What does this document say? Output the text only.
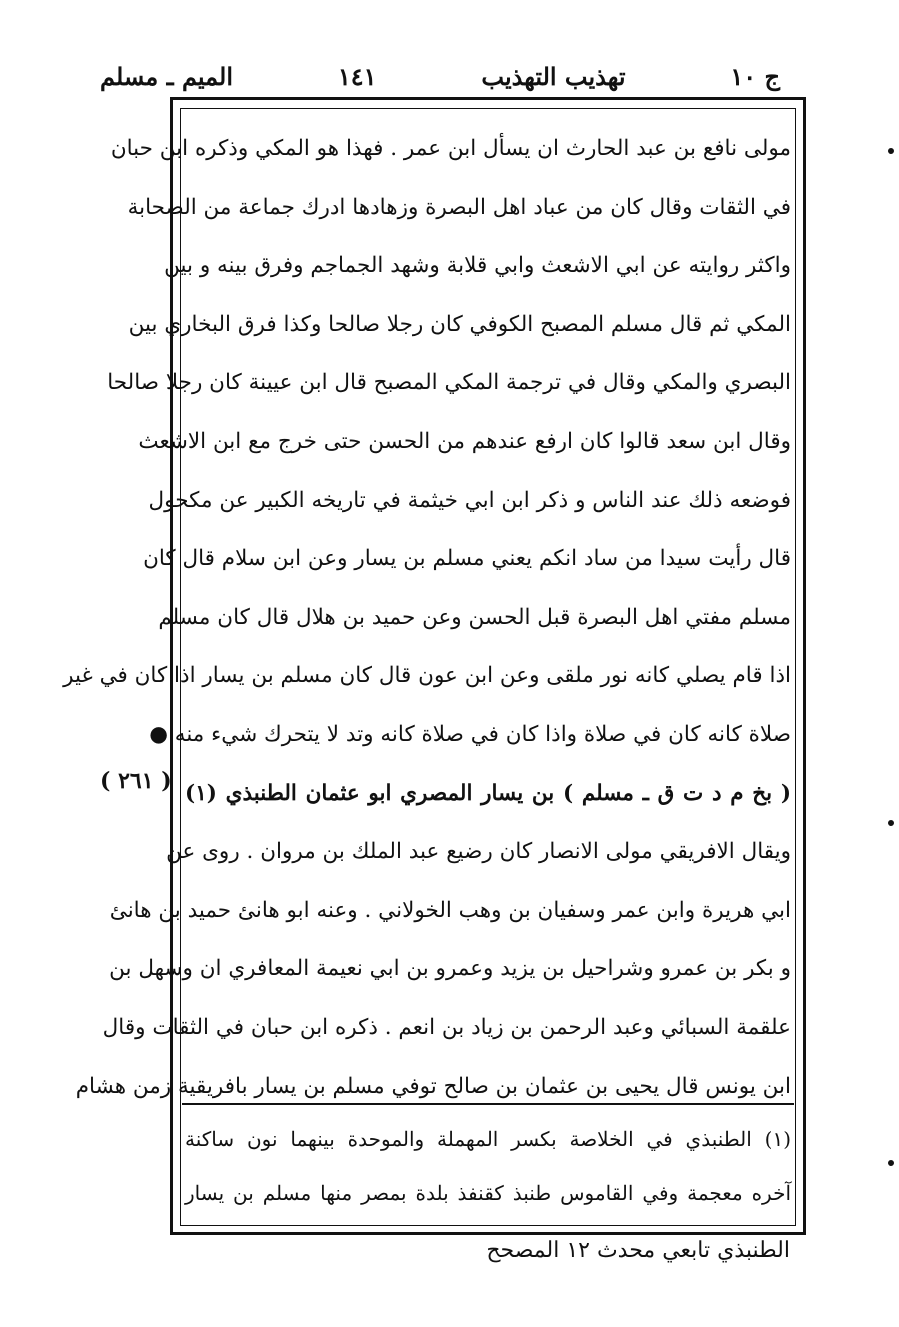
ج ١٠
تهذيب التهذيب
١٤١
الميم ـ مسلم
( ٢٦١ )
مولى نافع بن عبد الحارث ان يسأل ابن عمر . فهذا هو المكي وذكره ابن حبان
في الثقات وقال كان من عباد اهل البصرة وزهادها ادرك جماعة من الصحابة
واكثر روايته عن ابي الاشعث وابي قلابة وشهد الجماجم وفرق بينه و بين
المكي ثم قال مسلم المصبح الكوفي كان رجلا صالحا وكذا فرق البخاري بين
البصري والمكي وقال في ترجمة المكي المصبح قال ابن عيينة كان رجلا صالحا
وقال ابن سعد قالوا كان ارفع عندهم من الحسن حتى خرج مع ابن الاشعث
فوضعه ذلك عند الناس و ذكر ابن ابي خيثمة في تاريخه الكبير عن مكحول
قال رأيت سيدا من ساد انكم يعني مسلم بن يسار وعن ابن سلام قال كان
مسلم مفتي اهل البصرة قبل الحسن وعن حميد بن هلال قال كان مسلم
اذا قام يصلي كانه نور ملقى وعن ابن عون قال كان مسلم بن يسار اذا كان في غير
صلاة كانه كان في صلاة واذا كان في صلاة كانه وتد لا يتحرك شيء منه ●
( بخ م د ت ق ـ مسلم ) بن يسار المصري ابو عثمان الطنبذي (١)
ويقال الافريقي مولى الانصار كان رضيع عبد الملك بن مروان . روى عن
ابي هريرة وابن عمر وسفيان بن وهب الخولاني . وعنه ابو هانئ حميد بن هانئ
و بكر بن عمرو وشراحيل بن يزيد وعمرو بن ابي نعيمة المعافري ان وسهل بن
علقمة السبائي وعبد الرحمن بن زياد بن انعم . ذكره ابن حبان في الثقات وقال
ابن يونس قال يحيى بن عثمان بن صالح توفي مسلم بن يسار بافريقية زمن هشام
(١) الطنبذي في الخلاصة بكسر المهملة والموحدة بينهما نون ساكنة
آخره معجمة وفي القاموس طنبذ كقنفذ بلدة بمصر منها مسلم بن يسار
الطنبذي تابعي محدث ١٢ المصحح
